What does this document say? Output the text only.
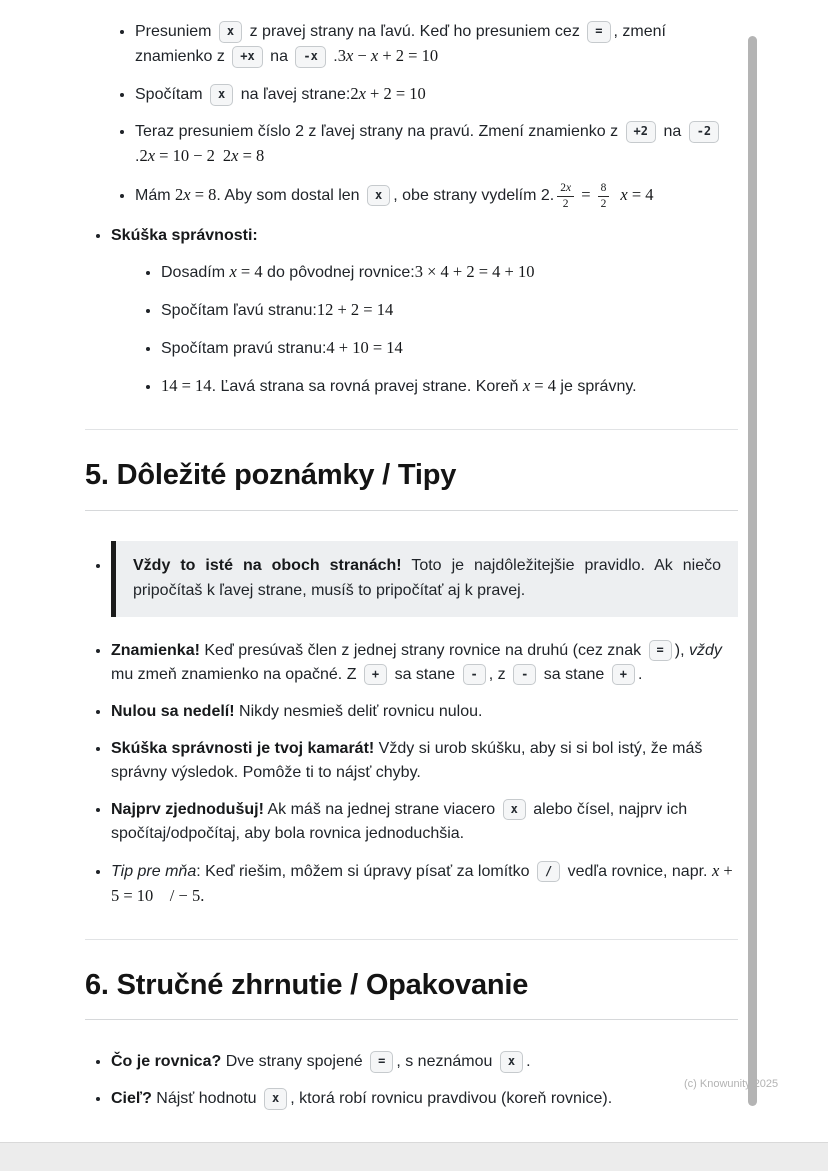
• Presuniem x z pravej strany na ľavú. Keď ho presuniem cez = , zmení znamienko z +x na -x .3x − x + 2 = 10
• Spočítam x na ľavej strane:2x + 2 = 10
• Teraz presuniem číslo 2 z ľavej strany na pravú. Zmení znamienko z +2 na -2 .2x = 10 − 2  2x = 8
• Mám 2x = 8. Aby som dostal len x , obe strany vydelím 2. $\frac{2x}{2} = \frac{8}{2}$
  x = 4
• Skúška správnosti:
• Dosadím x = 4 do pôvodnej rovnice:3 × 4 + 2 = 4 + 10
• Spočítam ľavú stranu:12 + 2 = 14
• Spočítam pravú stranu:4 + 10 = 14
• 14 = 14. Ľavá strana sa rovná pravej strane. Koreň x = 4 je správny.
5. Dôležité poznámky / Tipy
• Vždy to isté na oboch stranách! Toto je najdôležitejšie pravidlo. Ak niečo pripočítaš k ľavej strane, musíš to pripočítať aj k pravej.
• Znamienka! Keď presúvaš člen z jednej strany rovnice na druhú (cez znak = ), vždy mu zmeň znamienko na opačné. Z + sa stane - , z - sa stane + .
• Nulou sa nedelí! Nikdy nesmieš deliť rovnicu nulou.
• Skúška správnosti je tvoj kamarát! Vždy si urob skúšku, aby si si bol istý, že máš správny výsledok. Pomôže ti to nájsť chyby.
• Najprv zjednodušuj! Ak máš na jednej strane viacero x alebo čísel, najprv ich spočítaj/odpočítaj, aby bola rovnica jednoduchšia.
• Tip pre mňa: Keď riešim, môžem si úpravy písať za lomítko / vedľa rovnice, napr. x + 5 = 10  / − 5.
6. Stručné zhrnutie / Opakovanie
• Čo je rovnica? Dve strany spojené = , s neznámou x .
• Cieľ? Nájsť hodnotu x , ktorá robí rovnicu pravdivou (koreň rovnice).
(c) Knowunity 2025
